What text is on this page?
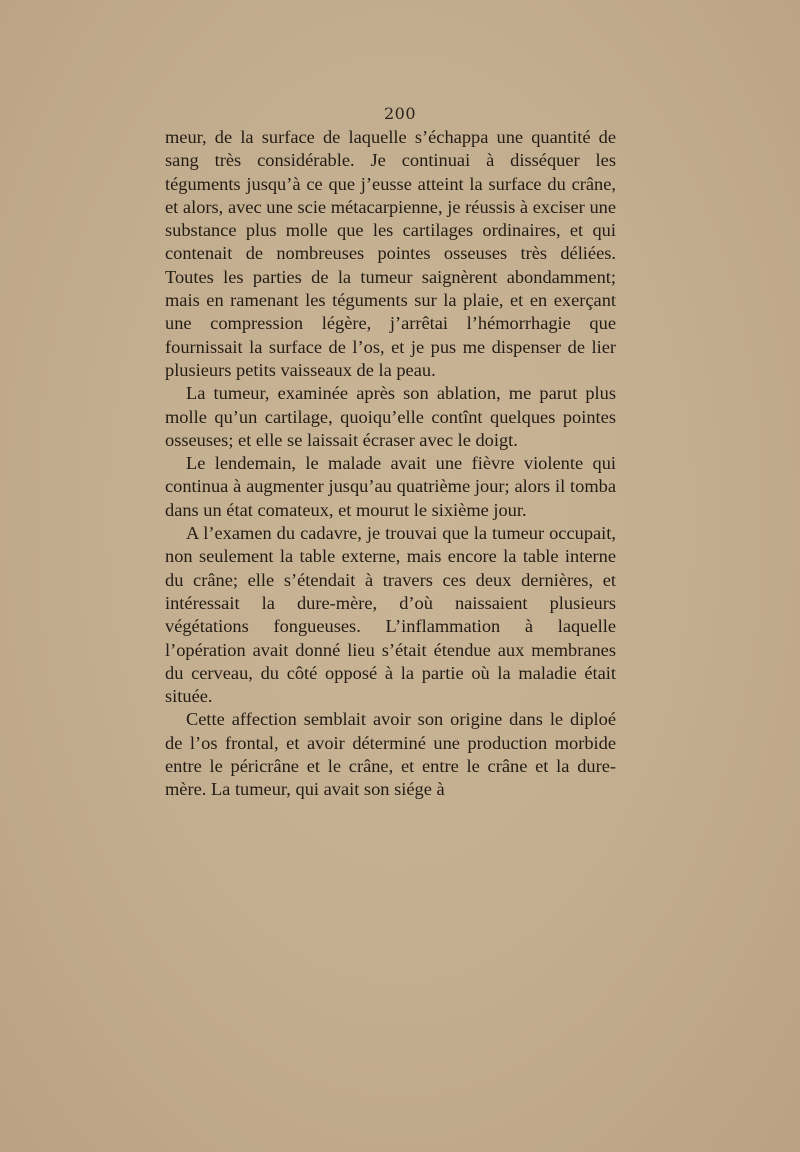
200

meur, de la surface de laquelle s’échappa une quantité de sang très considérable. Je continuai à disséquer les téguments jusqu’à ce que j’eusse atteint la surface du crâne, et alors, avec une scie métacarpienne, je réussis à exciser une substance plus molle que les cartilages ordinaires, et qui contenait de nombreuses pointes osseuses très déliées. Toutes les parties de la tumeur saignèrent abondamment; mais en ramenant les téguments sur la plaie, et en exerçant une compression légère, j’arrêtai l’hémorrhagie que fournissait la surface de l’os, et je pus me dispenser de lier plusieurs petits vaisseaux de la peau.

La tumeur, examinée après son ablation, me parut plus molle qu’un cartilage, quoiqu’elle contînt quelques pointes osseuses; et elle se laissait écraser avec le doigt.

Le lendemain, le malade avait une fièvre violente qui continua à augmenter jusqu’au quatrième jour; alors il tomba dans un état comateux, et mourut le sixième jour.

A l’examen du cadavre, je trouvai que la tumeur occupait, non seulement la table externe, mais encore la table interne du crâne; elle s’étendait à travers ces deux dernières, et intéressait la dure-mère, d’où naissaient plusieurs végétations fongueuses. L’inflammation à laquelle l’opération avait donné lieu s’était étendue aux membranes du cerveau, du côté opposé à la partie où la maladie était située.

Cette affection semblait avoir son origine dans le diploé de l’os frontal, et avoir déterminé une production morbide entre le péricrâne et le crâne, et entre le crâne et la dure-mère. La tumeur, qui avait son siége à
